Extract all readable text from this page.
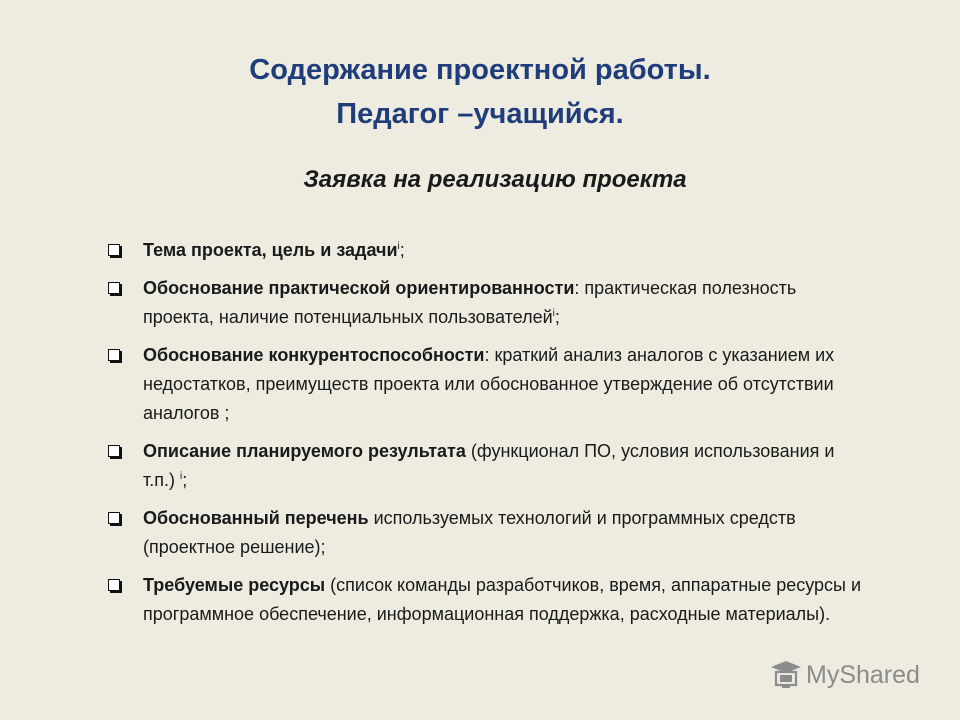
Содержание проектной работы.
Педагог –учащийся.
Заявка на реализацию проекта
Тема проекта, цель и задачи$^i$;
Обоснование практической ориентированности: практическая полезность проекта, наличие потенциальных пользователей$^i$;
Обоснование конкурентоспособности: краткий анализ аналогов с указанием их недостатков, преимуществ проекта или обоснованное утверждение об отсутствии аналогов ;
Описание планируемого результата (функционал ПО, условия использования и т.п.) $^i$;
Обоснованный перечень используемых технологий и программных средств (проектное решение);
Требуемые ресурсы (список команды разработчиков, время, аппаратные ресурсы и программное обеспечение, информационная поддержка, расходные материалы).
MyShared
